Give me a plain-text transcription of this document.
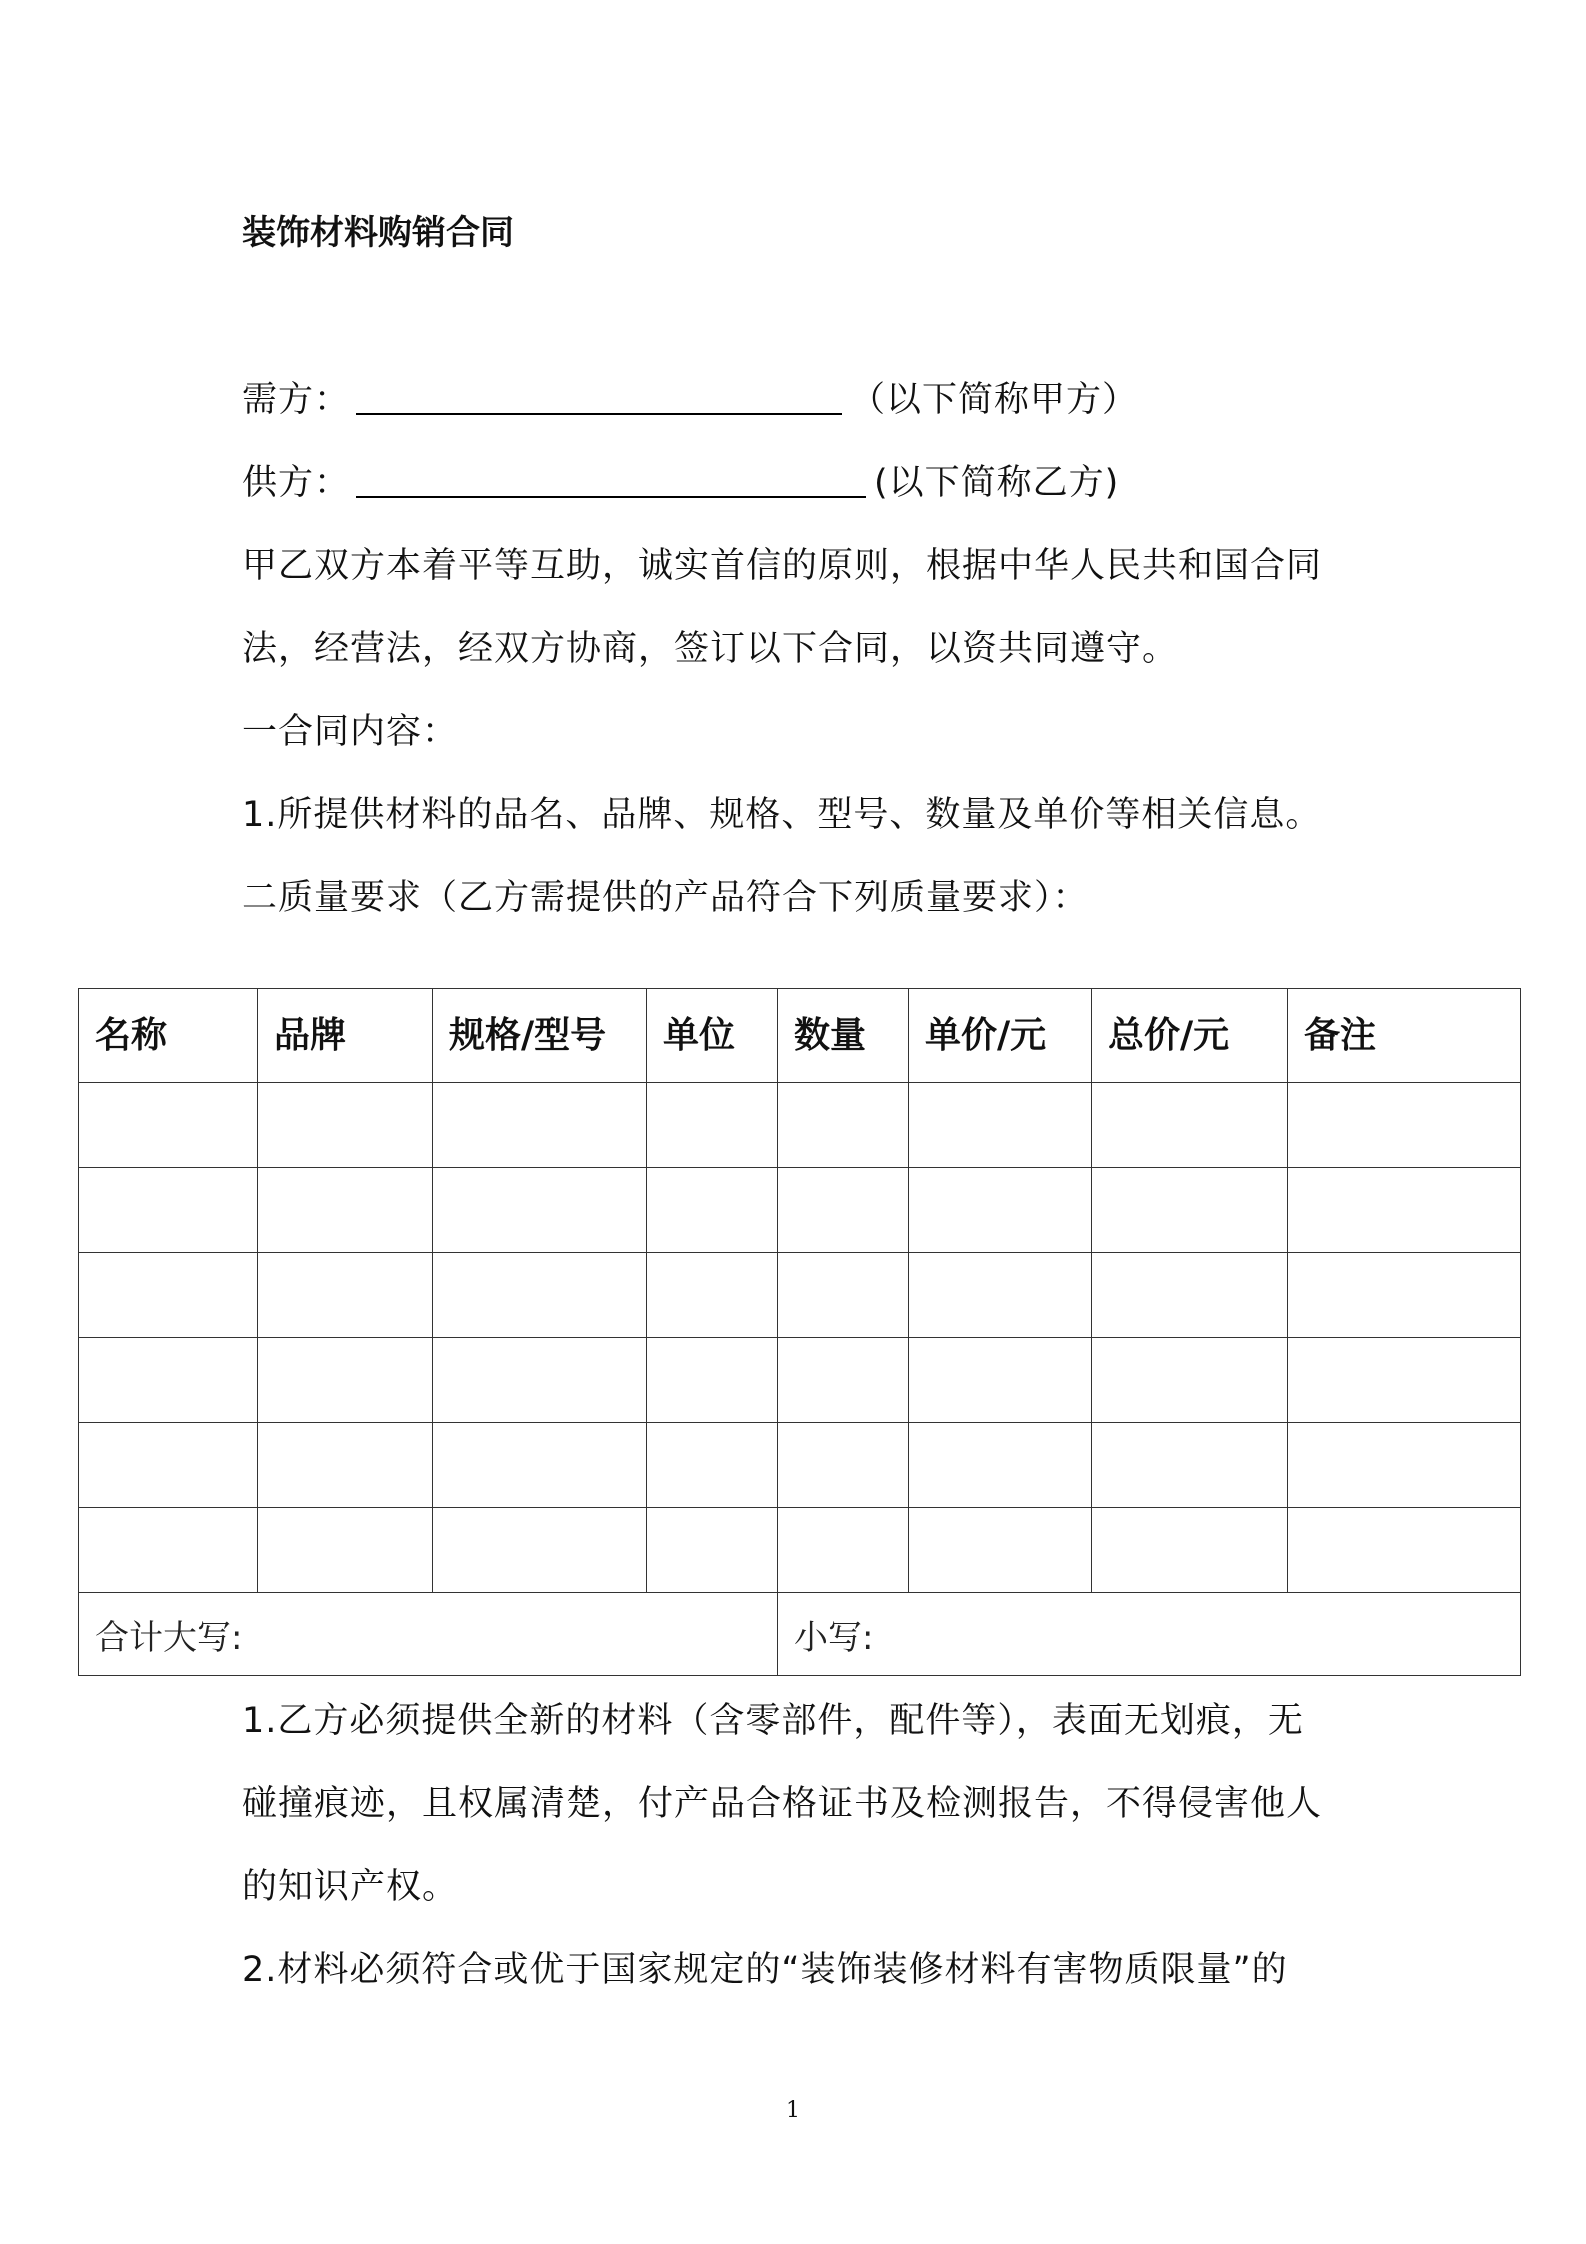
装饰材料购销合同
需方：	（以下简称甲方）
供方：	(以下简称乙方)
甲乙双方本着平等互助，诚实首信的原则，根据中华人民共和国合同
法，经营法，经双方协商，签订以下合同，以资共同遵守。
一合同内容：
1.所提供材料的品名、品牌、规格、型号、数量及单价等相关信息。
二质量要求（乙方需提供的产品符合下列质量要求）：
名称	品牌	规格/型号	单位	数量	单价/元	总价/元	备注

合计大写:				小写:			
1.乙方必须提供全新的材料（含零部件，配件等），表面无划痕，无
碰撞痕迹，且权属清楚，付产品合格证书及检测报告，不得侵害他人
的知识产权。
2.材料必须符合或优于国家规定的“装饰装修材料有害物质限量”的
1
